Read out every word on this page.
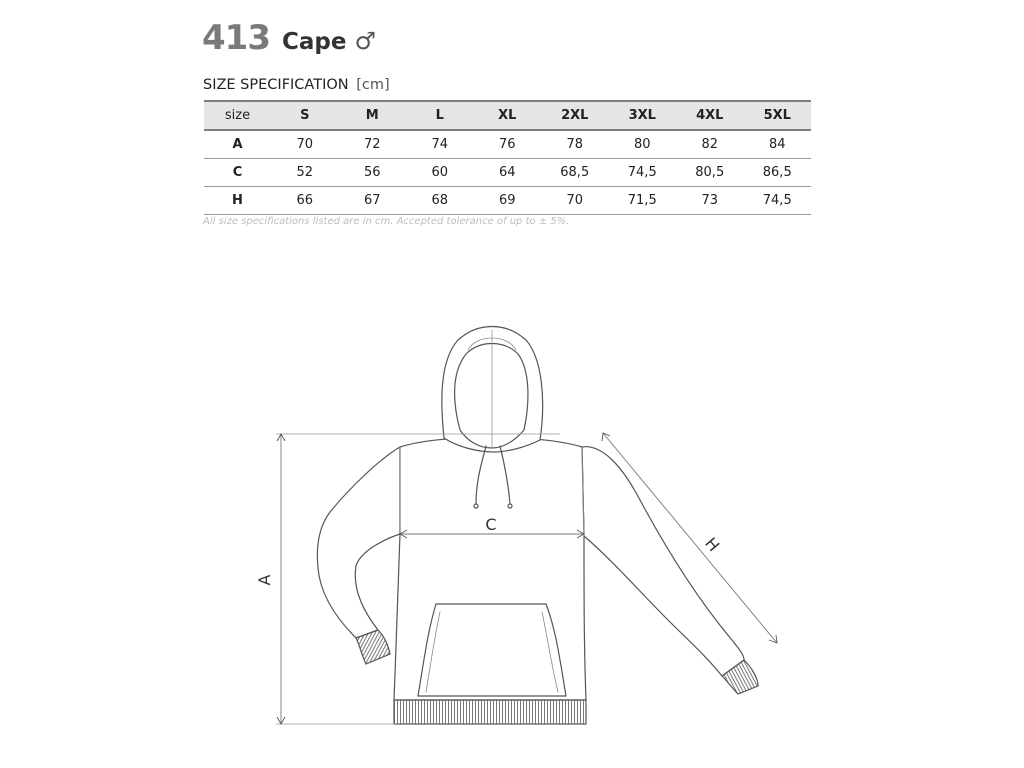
413 Cape ♂
SIZE SPECIFICATION [cm]
size	S	M	L	XL	2XL	3XL	4XL	5XL
A	70	72	74	76	78	80	82	84
C	52	56	60	64	68,5	74,5	80,5	86,5
H	66	67	68	69	70	71,5	73	74,5
All size specifications listed are in cm. Accepted tolerance of up to ± 5%.
A
C
H
